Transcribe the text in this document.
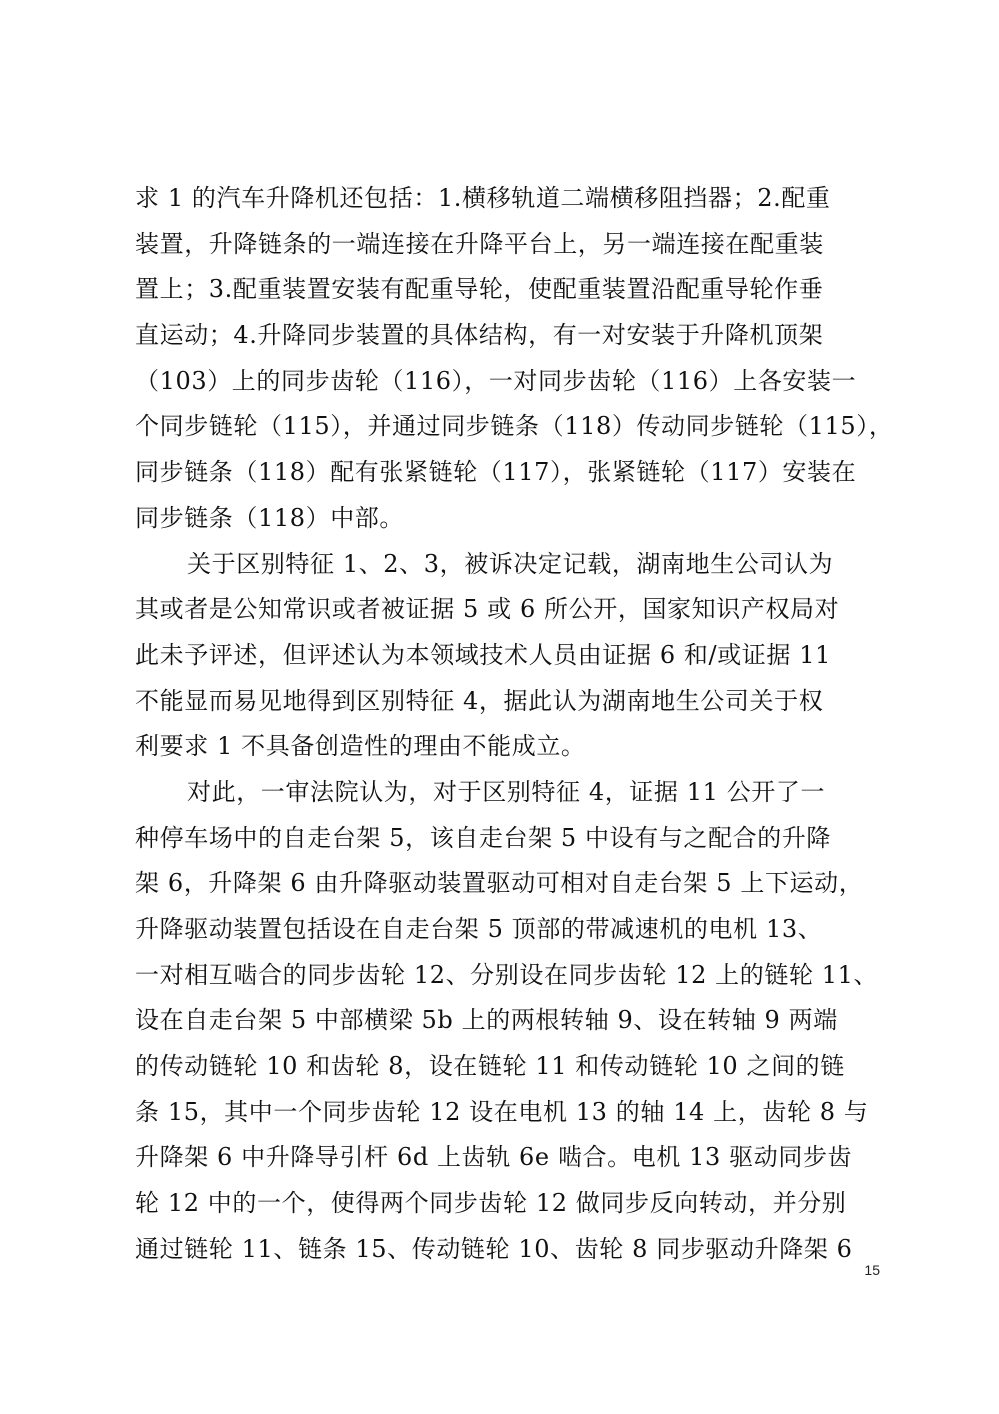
求 1 的汽车升降机还包括：1.横移轨道二端横移阻挡器；2.配重
装置，升降链条的一端连接在升降平台上，另一端连接在配重装
置上；3.配重装置安装有配重导轮，使配重装置沿配重导轮作垂
直运动；4.升降同步装置的具体结构，有一对安装于升降机顶架
（103）上的同步齿轮（116），一对同步齿轮（116）上各安装一
个同步链轮（115），并通过同步链条（118）传动同步链轮（115），
同步链条（118）配有张紧链轮（117），张紧链轮（117）安装在
同步链条（118）中部。

关于区别特征 1、2、3，被诉决定记载，湖南地生公司认为
其或者是公知常识或者被证据 5 或 6 所公开，国家知识产权局对
此未予评述，但评述认为本领域技术人员由证据 6 和/或证据 11
不能显而易见地得到区别特征 4，据此认为湖南地生公司关于权
利要求 1 不具备创造性的理由不能成立。

对此，一审法院认为，对于区别特征 4，证据 11 公开了一
种停车场中的自走台架 5，该自走台架 5 中设有与之配合的升降
架 6，升降架 6 由升降驱动装置驱动可相对自走台架 5 上下运动，
升降驱动装置包括设在自走台架 5 顶部的带减速机的电机 13、
一对相互啮合的同步齿轮 12、分别设在同步齿轮 12 上的链轮 11、
设在自走台架 5 中部横梁 5b 上的两根转轴 9、设在转轴 9 两端
的传动链轮 10 和齿轮 8，设在链轮 11 和传动链轮 10 之间的链
条 15，其中一个同步齿轮 12 设在电机 13 的轴 14 上，齿轮 8 与
升降架 6 中升降导引杆 6d 上齿轨 6e 啮合。电机 13 驱动同步齿
轮 12 中的一个，使得两个同步齿轮 12 做同步反向转动，并分别
通过链轮 11、链条 15、传动链轮 10、齿轮 8 同步驱动升降架 6

15
